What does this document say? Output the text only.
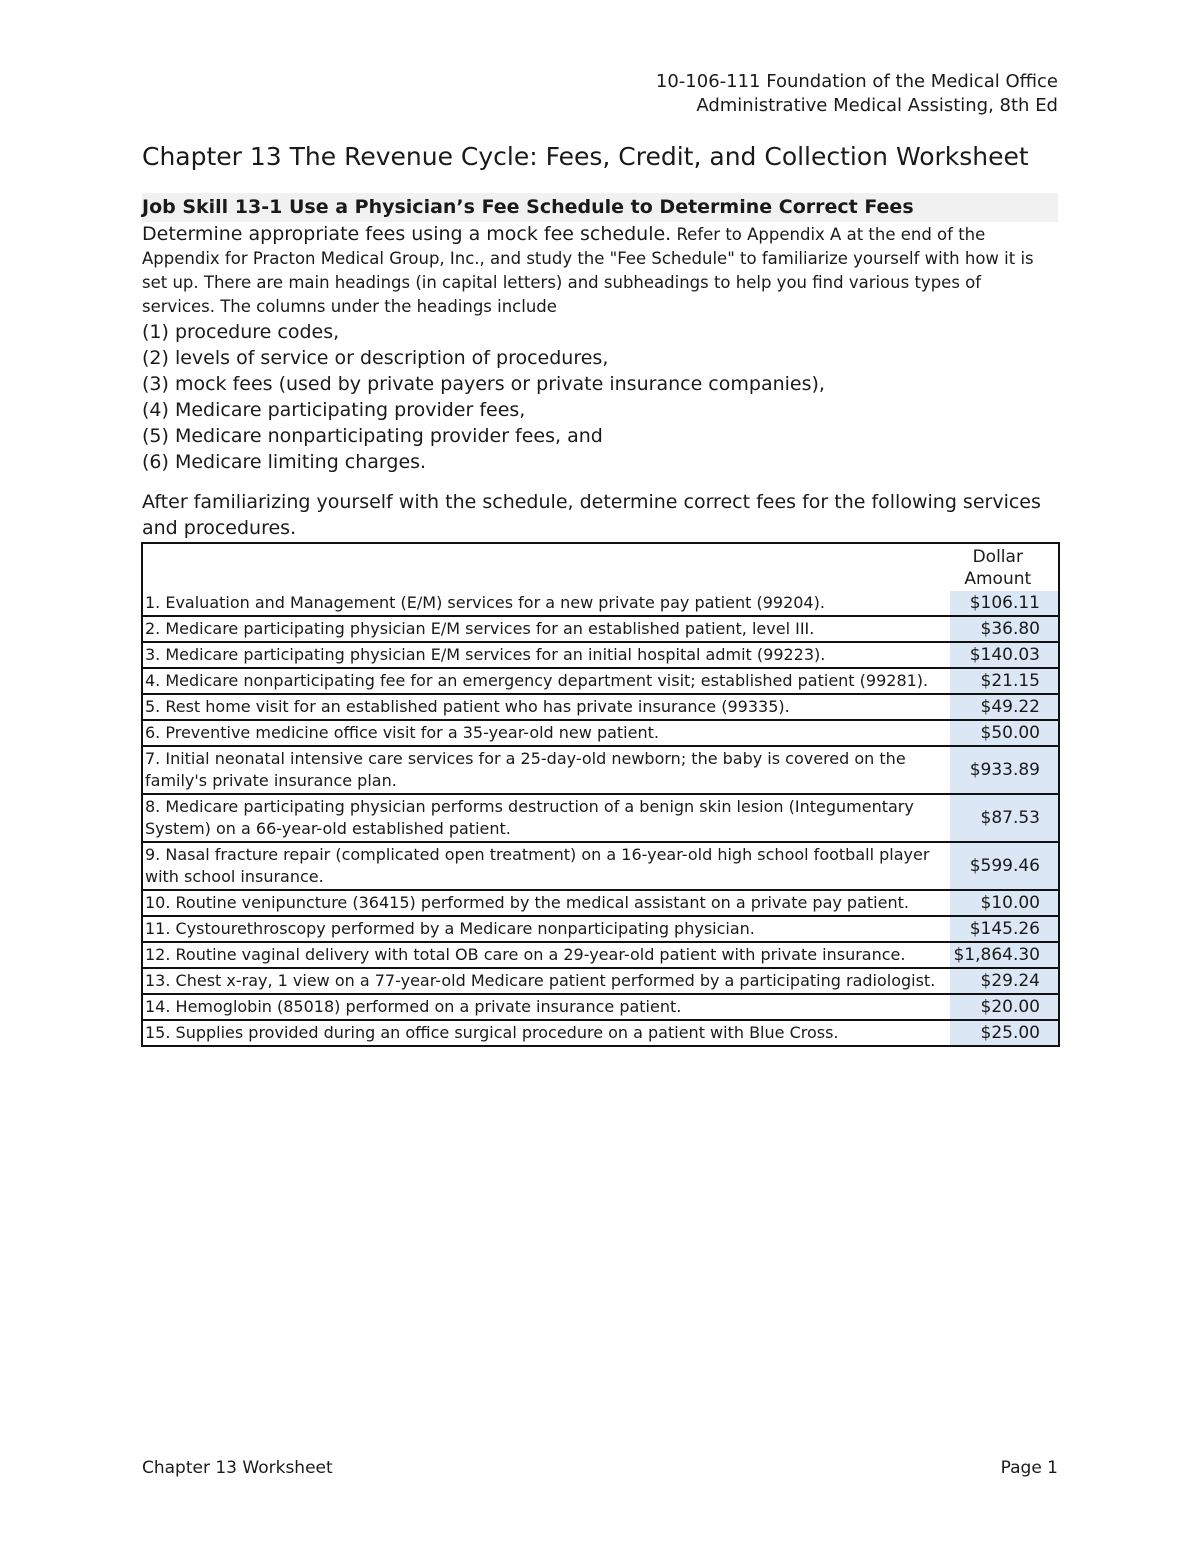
10-106-111 Foundation of the Medical Office
Administrative Medical Assisting, 8th Ed
Chapter 13 The Revenue Cycle: Fees, Credit, and Collection Worksheet
Job Skill 13-1 Use a Physician’s Fee Schedule to Determine Correct Fees

Determine appropriate fees using a mock fee schedule. Refer to Appendix A at the end of the Appendix for Practon Medical Group, Inc., and study the "Fee Schedule" to familiarize yourself with how it is set up. There are main headings (in capital letters) and subheadings to help you find various types of services. The columns under the headings include

(1) procedure codes,
(2) levels of service or description of procedures,
(3) mock fees (used by private payers or private insurance companies),
(4) Medicare participating provider fees,
(5) Medicare nonparticipating provider fees, and
(6) Medicare limiting charges.

After familiarizing yourself with the schedule, determine correct fees for the following services and procedures.

	Dollar Amount
1. Evaluation and Management (E/M) services for a new private pay patient (99204).	$106.11
2. Medicare participating physician E/M services for an established patient, level III.	$36.80
3. Medicare participating physician E/M services for an initial hospital admit (99223).	$140.03
4. Medicare nonparticipating fee for an emergency department visit; established patient (99281).	$21.15
5. Rest home visit for an established patient who has private insurance (99335).	$49.22
6. Preventive medicine office visit for a 35-year-old new patient.	$50.00
7. Initial neonatal intensive care services for a 25-day-old newborn; the baby is covered on the family's private insurance plan.	$933.89
8. Medicare participating physician performs destruction of a benign skin lesion (Integumentary System) on a 66-year-old established patient.	$87.53
9. Nasal fracture repair (complicated open treatment) on a 16-year-old high school football player with school insurance.	$599.46
10. Routine venipuncture (36415) performed by the medical assistant on a private pay patient.	$10.00
11. Cystourethroscopy performed by a Medicare nonparticipating physician.	$145.26
12. Routine vaginal delivery with total OB care on a 29-year-old patient with private insurance.	$1,864.30
13. Chest x-ray, 1 view on a 77-year-old Medicare patient performed by a participating radiologist.	$29.24
14. Hemoglobin (85018) performed on a private insurance patient.	$20.00
15. Supplies provided during an office surgical procedure on a patient with Blue Cross.	$25.00
Chapter 13 Worksheet	Page 1
